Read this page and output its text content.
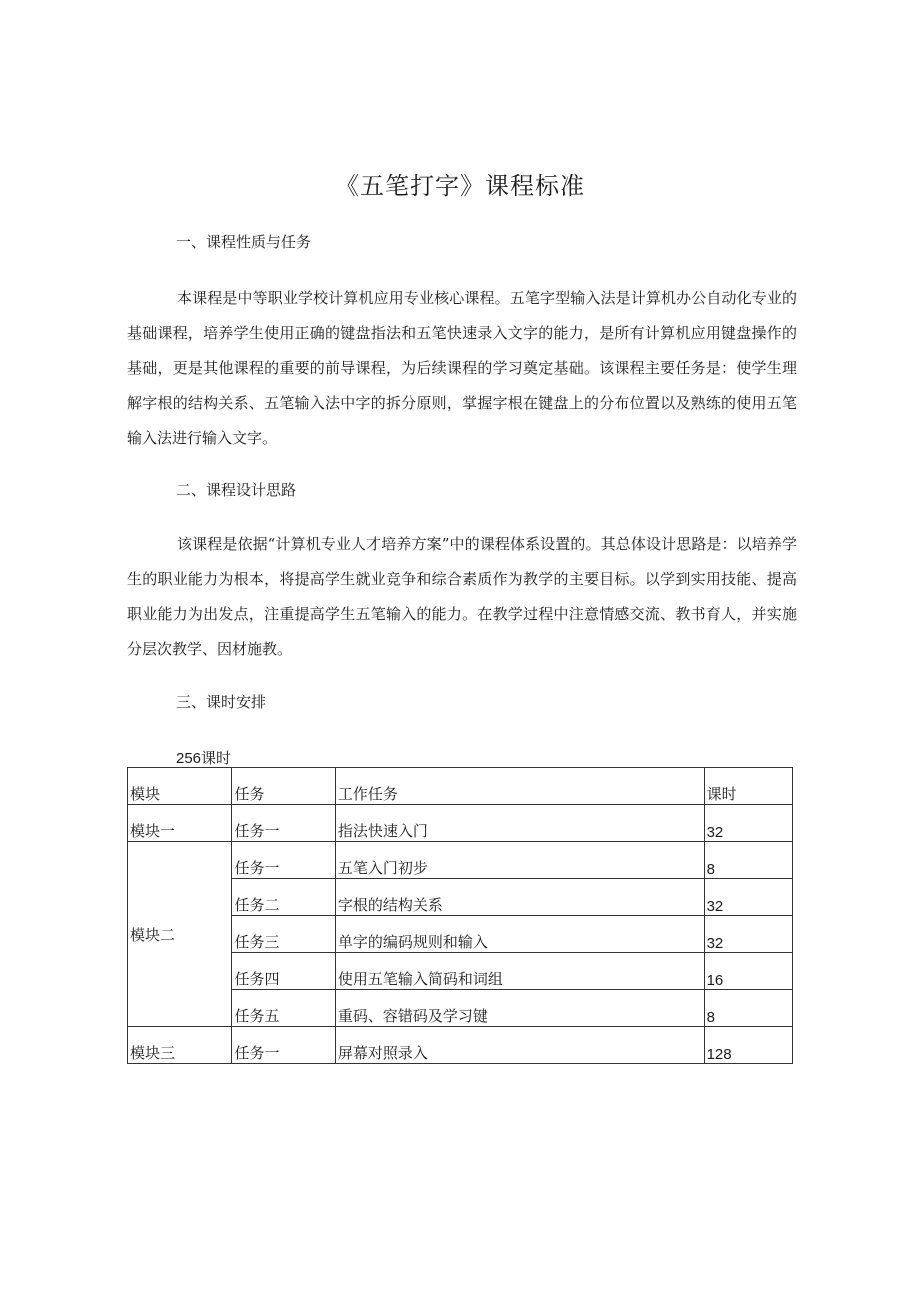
《五笔打字》课程标准
一、课程性质与任务

本课程是中等职业学校计算机应用专业核心课程。五笔字型输入法是计算机办公自动化专业的基础课程，培养学生使用正确的键盘指法和五笔快速录入文字的能力，是所有计算机应用键盘操作的基础，更是其他课程的重要的前导课程，为后续课程的学习奠定基础。该课程主要任务是：使学生理解字根的结构关系、五笔输入法中字的拆分原则，掌握字根在键盘上的分布位置以及熟练的使用五笔输入法进行输入文字。

二、课程设计思路

该课程是依据“计算机专业人才培养方案”中的课程体系设置的。其总体设计思路是：以培养学生的职业能力为根本，将提高学生就业竞争和综合素质作为教学的主要目标。以学到实用技能、提高职业能力为出发点，注重提高学生五笔输入的能力。在教学过程中注意情感交流、教书育人，并实施分层次教学、因材施教。

三、课时安排
256课时
模块	任务	工作任务	课时
模块一	任务一	指法快速入门	32
模块二	任务一	五笔入门初步	8
	任务二	字根的结构关系	32
	任务三	单字的编码规则和输入	32
	任务四	使用五笔输入简码和词组	16
	任务五	重码、容错码及学习键	8
模块三	任务一	屏幕对照录入	128
